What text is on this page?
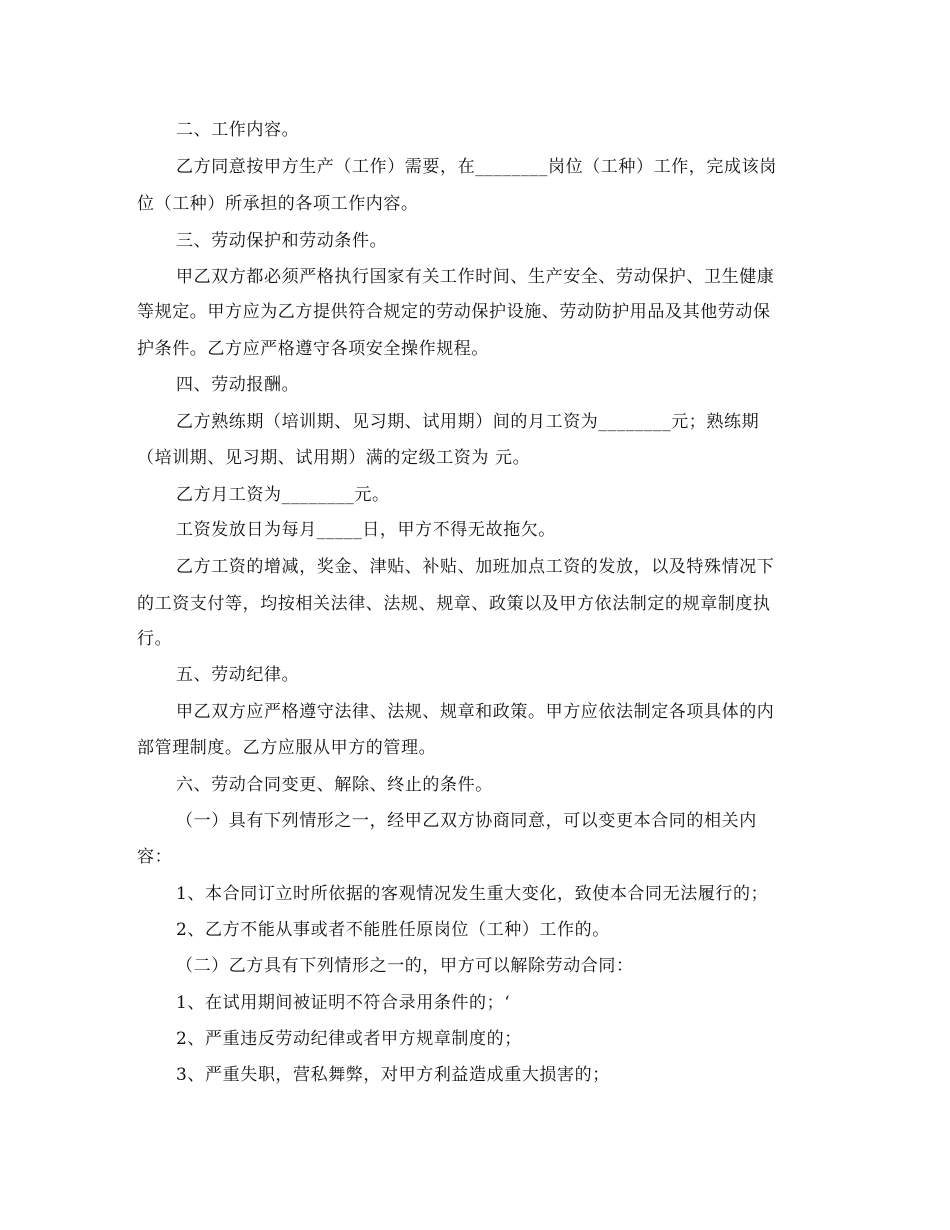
二、工作内容。
乙方同意按甲方生产（工作）需要，在________岗位（工种）工作，完成该岗
位（工种）所承担的各项工作内容。
三、劳动保护和劳动条件。
甲乙双方都必须严格执行国家有关工作时间、生产安全、劳动保护、卫生健康
等规定。甲方应为乙方提供符合规定的劳动保护设施、劳动防护用品及其他劳动保
护条件。乙方应严格遵守各项安全操作规程。
四、劳动报酬。
乙方熟练期（培训期、见习期、试用期）间的月工资为________元；熟练期
（培训期、见习期、试用期）满的定级工资为 元。
乙方月工资为________元。
工资发放日为每月_____日，甲方不得无故拖欠。
乙方工资的增减，奖金、津贴、补贴、加班加点工资的发放，以及特殊情况下
的工资支付等，均按相关法律、法规、规章、政策以及甲方依法制定的规章制度执
行。
五、劳动纪律。
甲乙双方应严格遵守法律、法规、规章和政策。甲方应依法制定各项具体的内
部管理制度。乙方应服从甲方的管理。
六、劳动合同变更、解除、终止的条件。
（一）具有下列情形之一，经甲乙双方协商同意，可以变更本合同的相关内
容：
1、本合同订立时所依据的客观情况发生重大变化，致使本合同无法履行的；
2、乙方不能从事或者不能胜任原岗位（工种）工作的。
（二）乙方具有下列情形之一的，甲方可以解除劳动合同：
1、在试用期间被证明不符合录用条件的；‘
2、严重违反劳动纪律或者甲方规章制度的；
3、严重失职，营私舞弊，对甲方利益造成重大损害的；
